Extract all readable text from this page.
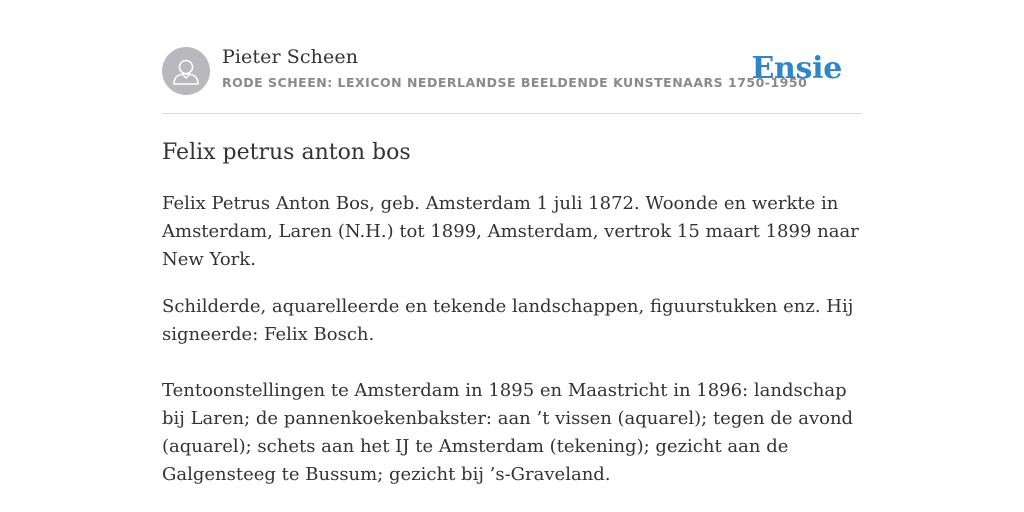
Pieter Scheen
RODE SCHEEN: LEXICON NEDERLANDSE BEELDENDE KUNSTENAARS 1750-1950
Ensie
Felix petrus anton bos

Felix Petrus Anton Bos, geb. Amsterdam 1 juli 1872. Woonde en werkte in Amsterdam, Laren (N.H.) tot 1899, Amsterdam, vertrok 15 maart 1899 naar New York.

Schilderde, aquarelleerde en tekende landschappen, figuurstukken enz. Hij signeerde: Felix Bosch.

Tentoonstellingen te Amsterdam in 1895 en Maastricht in 1896: landschap bij Laren; de pannenkoekenbakster: aan ’t vissen (aquarel); tegen de avond (aquarel); schets aan het IJ te Amsterdam (tekening); gezicht aan de Galgensteeg te Bussum; gezicht bij ’s-Graveland.
